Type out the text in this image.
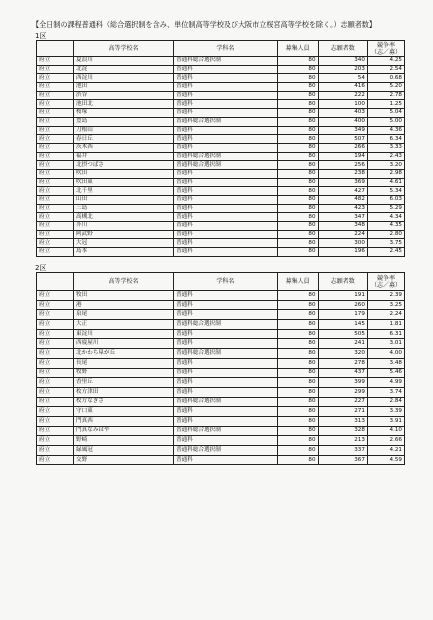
【全日制の課程普通科（総合選択制を含み、単位制高等学校及び大阪市立桜宮高等学校を除く。）志願者数】
1区
	高等学校名	学科名	募集人員	志願者数	競争率
（志／募）

府立	夏浪川	普通科総合選択制	80	340	4.25
府立	北淀	普通科	80	203	2.54
府立	西淀川	普通科	80	54	0.68
府立	池田	普通科	80	416	5.20
府立	渋谷	普通科	80	222	2.78
府立	池田北	普通科	80	100	1.25
府立	桜塚	普通科	80	403	5.04
府立	豊島	普通科総合選択制	80	400	5.00
府立	刀根山	普通科	80	349	4.36
府立	春日丘	普通科	80	507	6.34
府立	茨木西	普通科	80	266	3.33
府立	福井	普通科総合選択制	80	194	2.43
府立	北摂つばさ	普通科総合選択制	80	256	3.20
府立	吹田	普通科	80	238	2.98
府立	吹田東	普通科	80	369	4.61
府立	北千里	普通科	80	427	5.34
府立	山田	普通科	80	482	6.03
府立	三島	普通科	80	423	5.29
府立	高槻北	普通科	80	347	4.34
府立	芥川	普通科	80	348	4.35
府立	阿武野	普通科	80	224	2.80
府立	大冠	普通科	80	300	3.75
府立	島本	普通科	80	196	2.45
2区
	高等学校名	学科名	募集人員	志願者数	競争率
（志／募）

府立	牧田	普通科	80	191	2.39
府立	港	普通科	80	260	3.25
府立	泉尾	普通科	80	179	2.24
府立	大正	普通科総合選択制	80	145	1.81
府立	東淀川	普通科	80	505	6.31
府立	西寝屋川	普通科	80	241	3.01
府立	北かわち皐が丘	普通科総合選択制	80	320	4.00
府立	長尾	普通科	80	278	3.48
府立	牧野	普通科	80	437	5.46
府立	香里丘	普通科	80	399	4.99
府立	枚方津田	普通科	80	299	3.74
府立	枚方なぎさ	普通科総合選択制	80	227	2.84
府立	守口東	普通科	80	271	3.39
府立	門真西	普通科	80	313	3.91
府立	門真なみはや	普通科総合選択制	80	328	4.10
府立	野崎	普通科	80	213	2.66
府立	緑風冠	普通科総合選択制	80	337	4.21
府立	交野	普通科	80	367	4.59
